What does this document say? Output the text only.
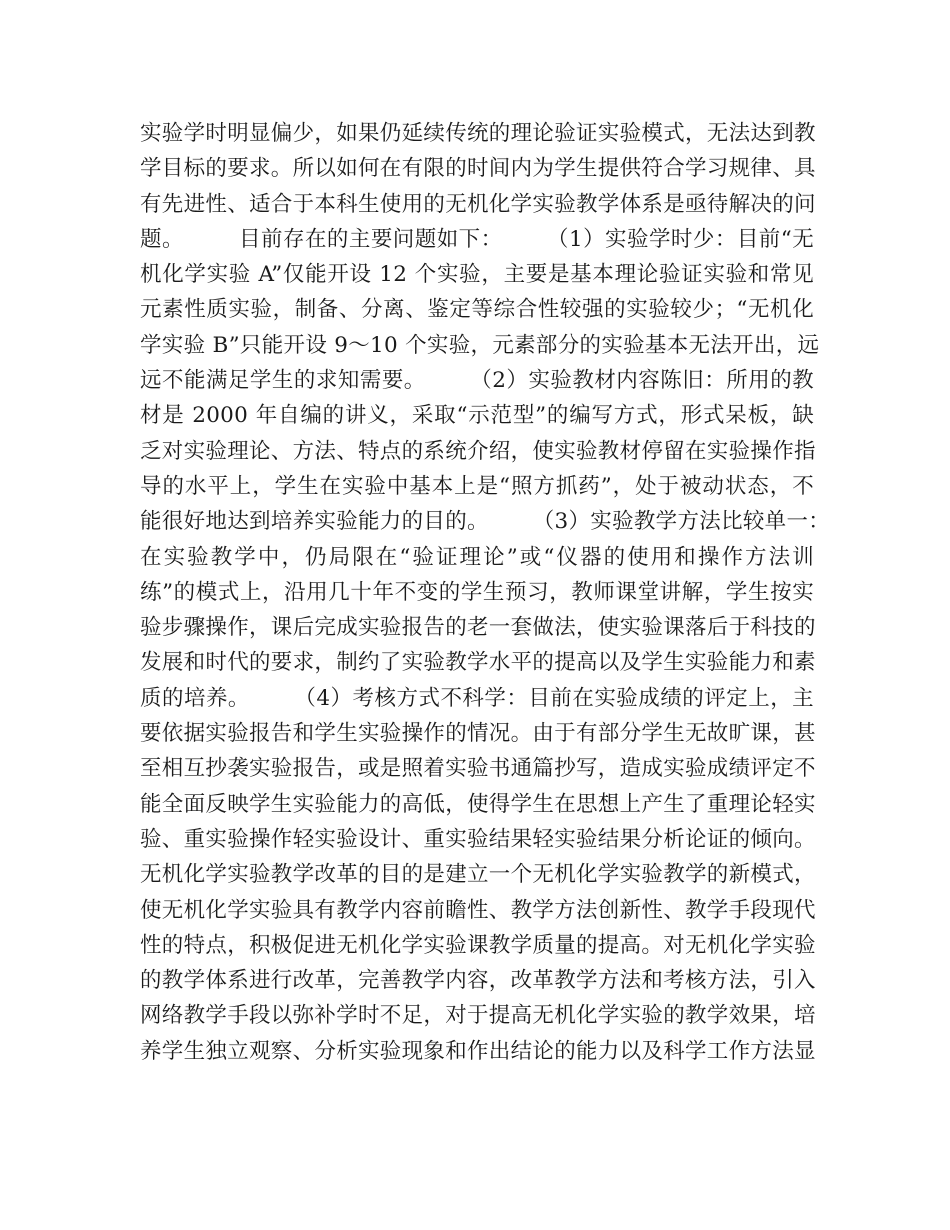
实验学时明显偏少，如果仍延续传统的理论验证实验模式，无法达到教
学目标的要求。所以如何在有限的时间内为学生提供符合学习规律、具
有先进性、适合于本科生使用的无机化学实验教学体系是亟待解决的问
题。　　　目前存在的主要问题如下：　　　（1）实验学时少：目前“无
机化学实验 A”仅能开设 12 个实验，主要是基本理论验证实验和常见
元素性质实验，制备、分离、鉴定等综合性较强的实验较少；“无机化
学实验 B”只能开设 9～10 个实验，元素部分的实验基本无法开出，远
远不能满足学生的求知需要。　　　（2）实验教材内容陈旧：所用的教
材是 2000 年自编的讲义，采取“示范型”的编写方式，形式呆板，缺
乏对实验理论、方法、特点的系统介绍，使实验教材停留在实验操作指
导的水平上，学生在实验中基本上是“照方抓药”，处于被动状态，不
能很好地达到培养实验能力的目的。　　　（3）实验教学方法比较单一：
在实验教学中，仍局限在“验证理论”或“仪器的使用和操作方法训
练”的模式上，沿用几十年不变的学生预习，教师课堂讲解，学生按实
验步骤操作，课后完成实验报告的老一套做法，使实验课落后于科技的
发展和时代的要求，制约了实验教学水平的提高以及学生实验能力和素
质的培养。　　　（4）考核方式不科学：目前在实验成绩的评定上，主
要依据实验报告和学生实验操作的情况。由于有部分学生无故旷课，甚
至相互抄袭实验报告，或是照着实验书通篇抄写，造成实验成绩评定不
能全面反映学生实验能力的高低，使得学生在思想上产生了重理论轻实
验、重实验操作轻实验设计、重实验结果轻实验结果分析论证的倾向。
无机化学实验教学改革的目的是建立一个无机化学实验教学的新模式，
使无机化学实验具有教学内容前瞻性、教学方法创新性、教学手段现代
性的特点，积极促进无机化学实验课教学质量的提高。对无机化学实验
的教学体系进行改革，完善教学内容，改革教学方法和考核方法，引入
网络教学手段以弥补学时不足，对于提高无机化学实验的教学效果，培
养学生独立观察、分析实验现象和作出结论的能力以及科学工作方法显
